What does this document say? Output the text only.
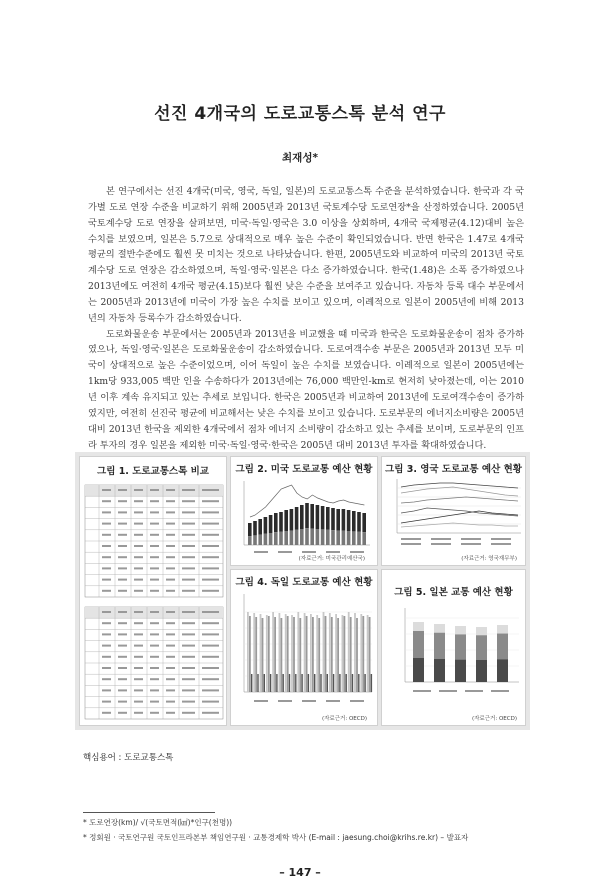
선진 4개국의 도로교통스톡 분석 연구
최재성*

본 연구에서는 선진 4개국(미국, 영국, 독일, 일본)의 도로교통스톡 수준을 분석하였습니다. 한국과 각 국가별 도로 연장 수준을 비교하기 위해 2005년과 2013년 국토계수당 도로연장*을 산정하였습니다. 2005년 국토계수당 도로 연장을 살펴보면, 미국·독일·영국은 3.0 이상을 상회하며, 4개국 국제평균(4.12)대비 높은 수치를 보였으며, 일본은 5.7으로 상대적으로 매우 높은 수준이 확인되었습니다. 반면 한국은 1.47로 4개국 평균의 절반수준에도 훨씬 못 미치는 것으로 나타났습니다. 한편, 2005년도와 비교하여 미국의 2013년 국토계수당 도로 연장은 감소하였으며, 독일·영국·일본은 다소 증가하였습니다. 한국(1.48)은 소폭 증가하였으나 2013년에도 여전히 4개국 평균(4.15)보다 훨씬 낮은 수준을 보여주고 있습니다. 자동차 등록 대수 부문에서는 2005년과 2013년에 미국이 가장 높은 수치를 보이고 있으며, 이례적으로 일본이 2005년에 비해 2013년의 자동차 등록수가 감소하였습니다.

도로화물운송 부문에서는 2005년과 2013년을 비교했을 때 미국과 한국은 도로화물운송이 점차 증가하였으나, 독일·영국·일본은 도로화물운송이 감소하였습니다. 도로여객수송 부문은 2005년과 2013년 모두 미국이 상대적으로 높은 수준이었으며, 이어 독일이 높은 수치를 보였습니다. 이례적으로 일본이 2005년에는 1km당 933,005 백만 인을 수송하다가 2013년에는 76,000 백만인-km로 현저히 낮아졌는데, 이는 2010년 이후 계속 유지되고 있는 추세로 보입니다. 한국은 2005년과 비교하여 2013년에 도로여객수송이 증가하였지만, 여전히 선진국 평균에 비교해서는 낮은 수치를 보이고 있습니다. 도로부문의 에너지소비량은 2005년 대비 2013년 한국을 제외한 4개국에서 점차 에너지 소비량이 감소하고 있는 추세를 보이며, 도로부문의 인프라 투자의 경우 일본을 제외한 미국·독일·영국·한국은 2005년 대비 2013년 투자를 확대하였습니다.

그림 1. 도로교통스톡 비교	그림 2. 미국 도로교통 예산 현황
(자료근거: 미국관리예산국)
그림 3. 영국 도로교통 예산 현황
(자료근거: 영국재무부)
그림 4. 독일 도로교통 예산 현황
(자료근거: OECD)
그림 5. 일본 교통 예산 현황
(자료근거: OECD)
핵심용어 : 도로교통스톡
* 도로연장(km)/ √(국토면적(㎢)*인구(천명))
* 정회원 · 국토연구원 국토인프라본부 책임연구원 · 교통경제학 박사 (E-mail : jaesung.choi@krihs.re.kr) – 발표자
– 147 –
